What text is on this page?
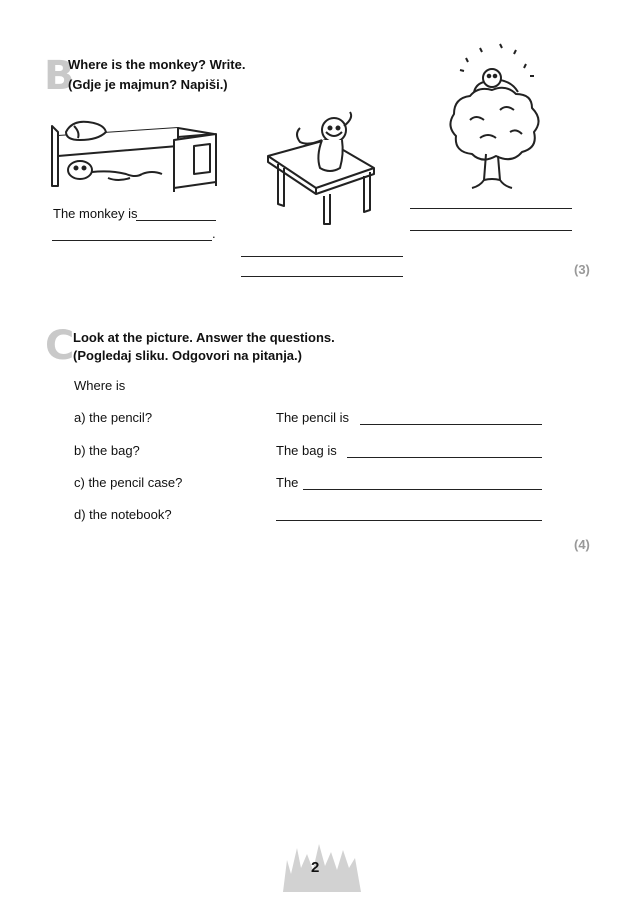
B
Where is the monkey? Write.
(Gdje je majmun? Napiši.)
The monkey is
.
(3)
C
Look at the picture. Answer the questions.
(Pogledaj sliku. Odgovori na pitanja.)
Where is
a) the pencil?	The pencil is
b) the bag?	The bag is
c) the pencil case?	The
d) the notebook?
(4)
2
